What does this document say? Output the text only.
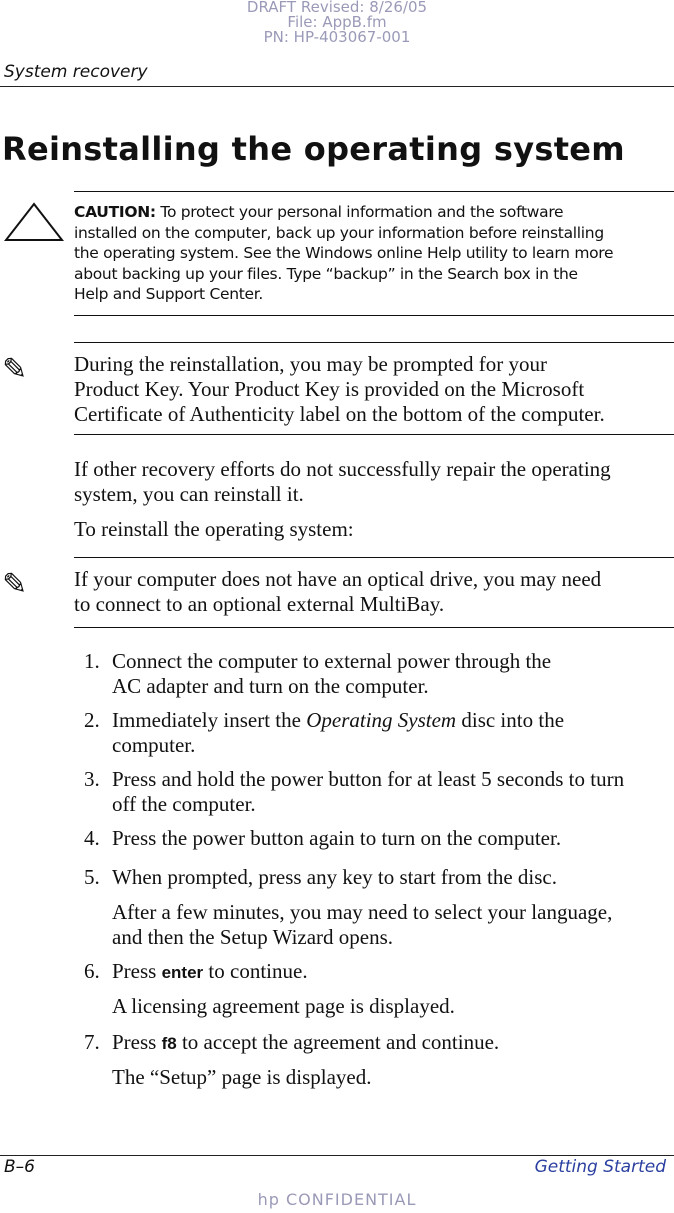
DRAFT Revised: 8/26/05
File: AppB.fm
PN: HP-403067-001
System recovery
Reinstalling the operating system
CAUTION: To protect your personal information and the software
installed on the computer, back up your information before reinstalling
the operating system. See the Windows online Help utility to learn more
about backing up your files. Type “backup” in the Search box in the
Help and Support Center.
✎ During the reinstallation, you may be prompted for your
Product Key. Your Product Key is provided on the Microsoft
Certificate of Authenticity label on the bottom of the computer.
If other recovery efforts do not successfully repair the operating
system, you can reinstall it.
To reinstall the operating system:
✎ If your computer does not have an optical drive, you may need
to connect to an optional external MultiBay.
1. Connect the computer to external power through the
AC adapter and turn on the computer.
2. Immediately insert the Operating System disc into the
computer.
3. Press and hold the power button for at least 5 seconds to turn
off the computer.
4. Press the power button again to turn on the computer.
5. When prompted, press any key to start from the disc.
After a few minutes, you may need to select your language,
and then the Setup Wizard opens.
6. Press enter to continue.
A licensing agreement page is displayed.
7. Press f8 to accept the agreement and continue.
The “Setup” page is displayed.
B–6	Getting Started
hp CONFIDENTIAL
